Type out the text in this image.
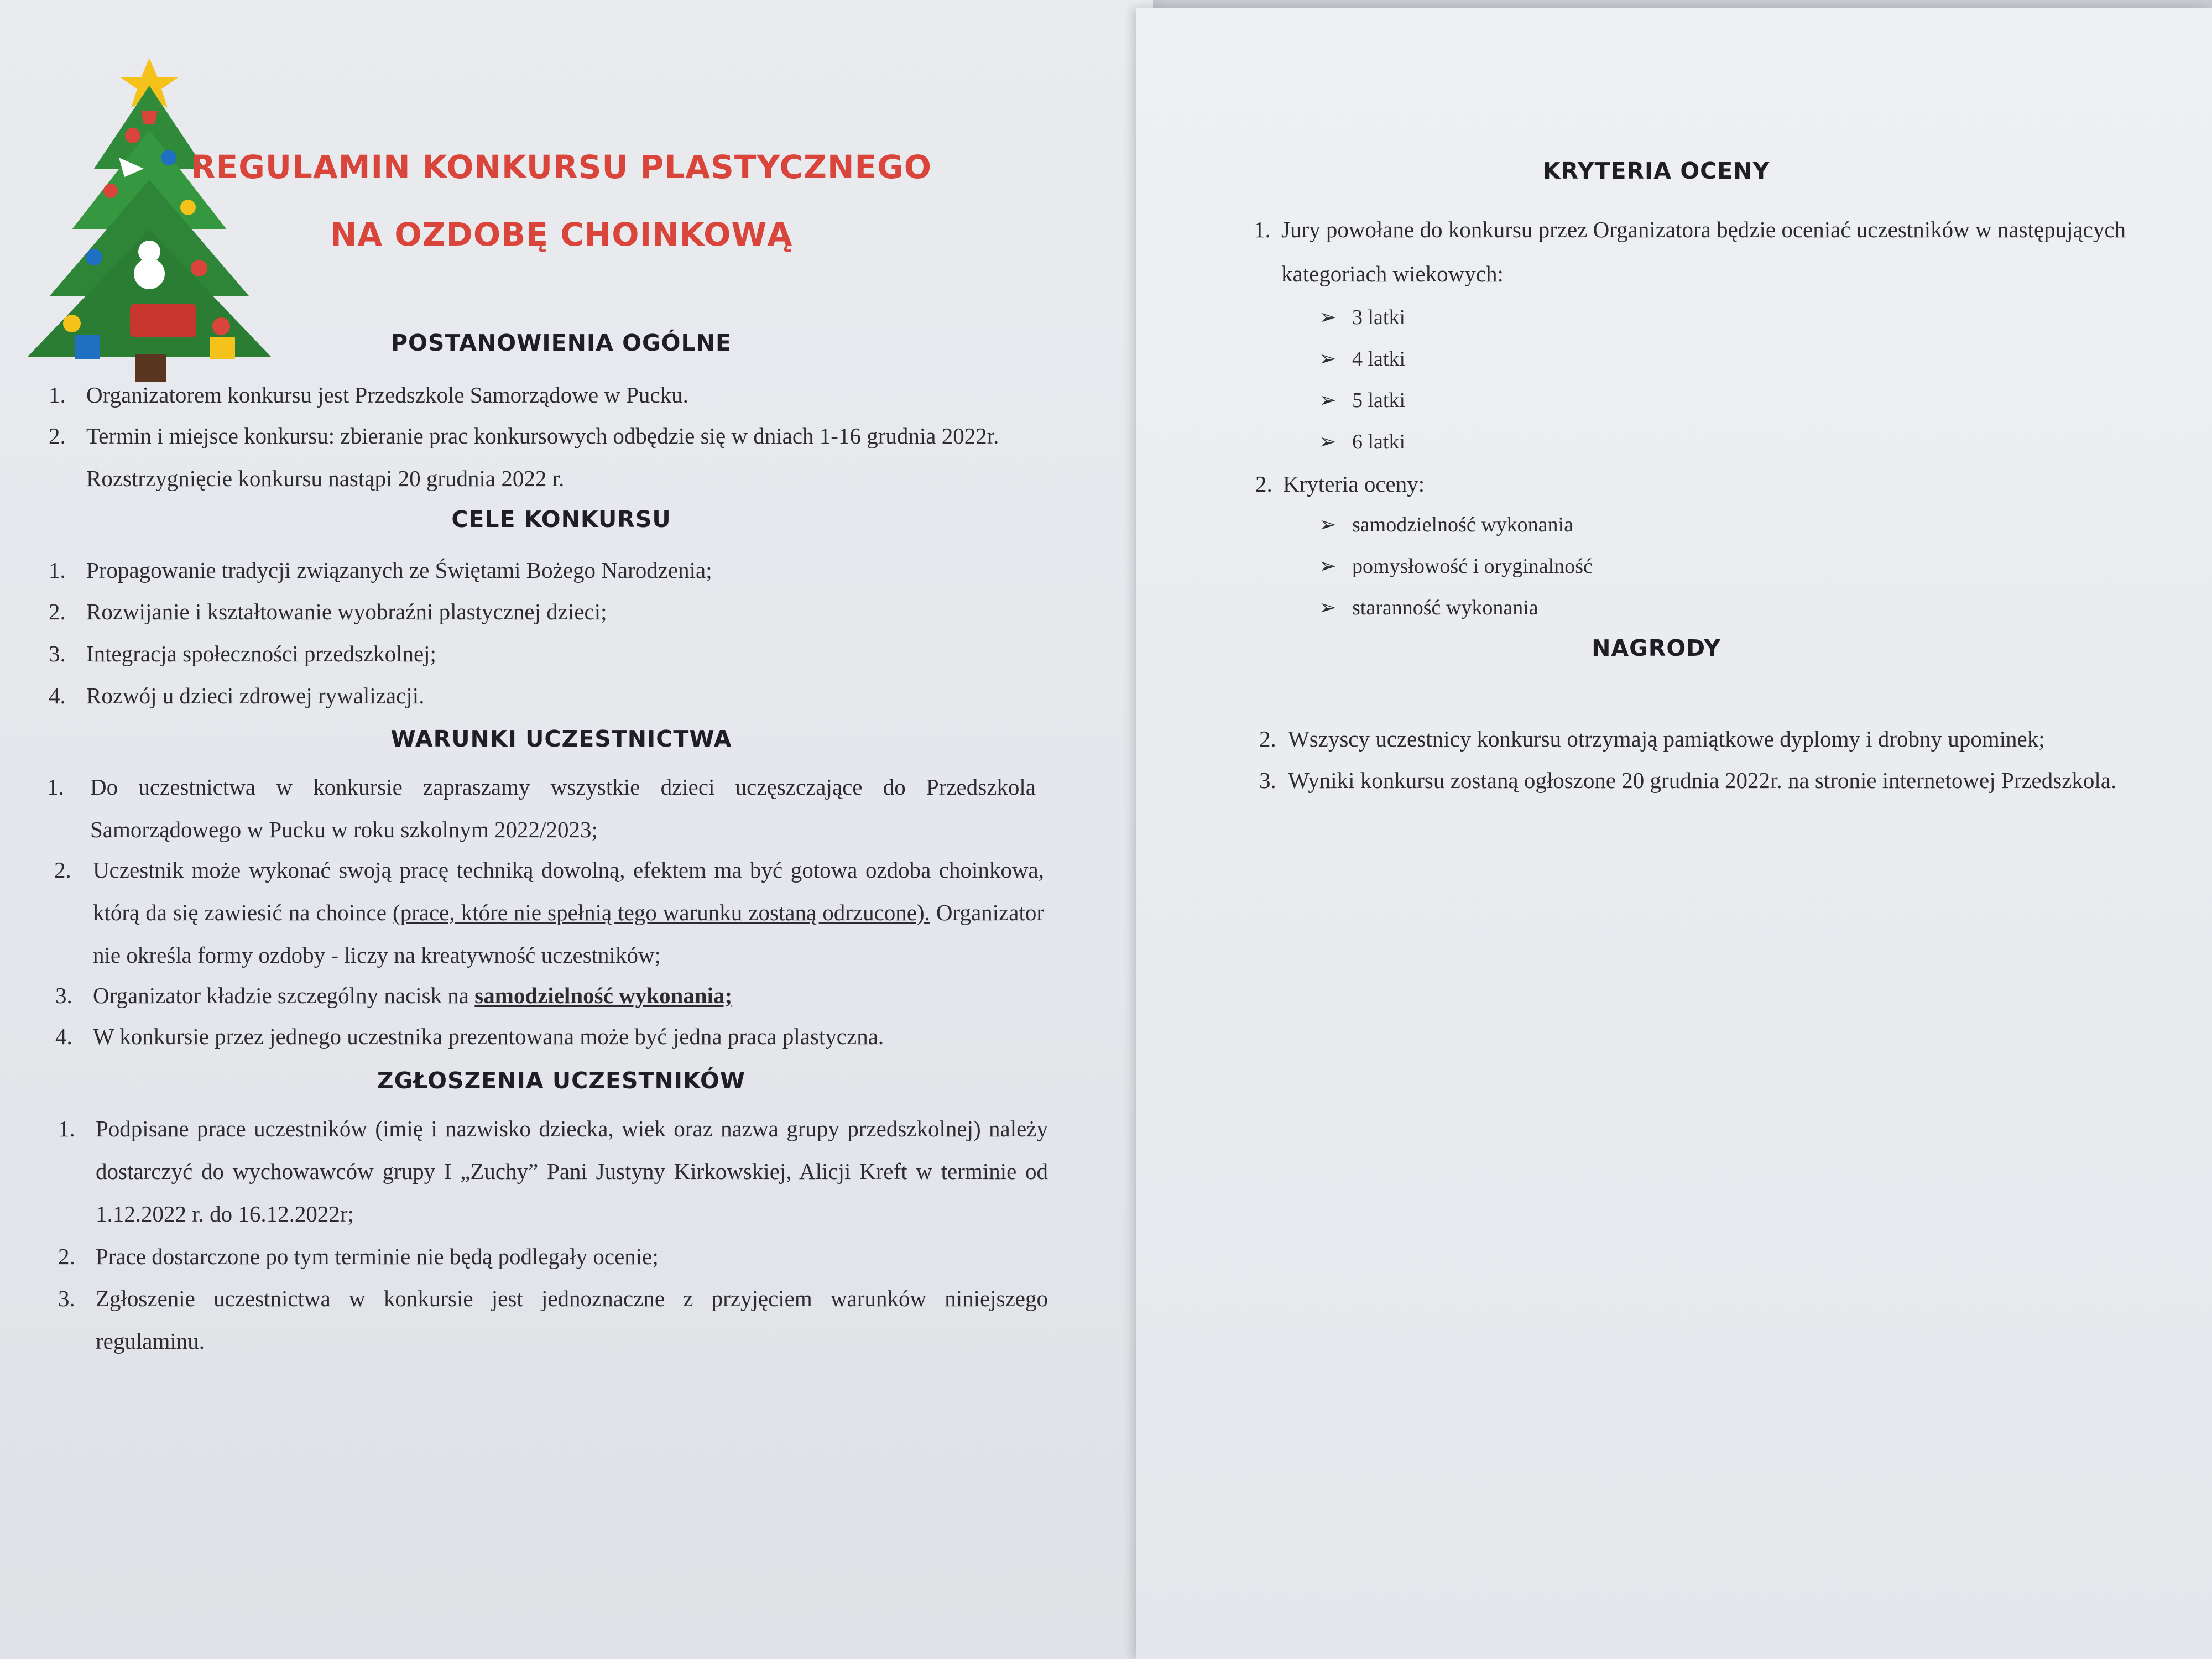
REGULAMIN KONKURSU PLASTYCZNEGO
NA OZDOBĘ CHOINKOWĄ
POSTANOWIENIA OGÓLNE
1. Organizatorem konkursu jest Przedszkole Samorządowe w Pucku.
2. Termin i miejsce konkursu: zbieranie prac konkursowych odbędzie się w dniach 1-16 grudnia 2022r. Rozstrzygnięcie konkursu nastąpi 20 grudnia 2022 r.
CELE KONKURSU
1. Propagowanie tradycji związanych ze Świętami Bożego Narodzenia;
2. Rozwijanie i kształtowanie wyobraźni plastycznej dzieci;
3. Integracja społeczności przedszkolnej;
4. Rozwój u dzieci zdrowej rywalizacji.
WARUNKI UCZESTNICTWA
1. Do uczestnictwa w konkursie zapraszamy wszystkie dzieci uczęszczające do Przedszkola Samorządowego w Pucku w roku szkolnym 2022/2023;
2. Uczestnik może wykonać swoją pracę techniką dowolną, efektem ma być gotowa ozdoba choinkowa, którą da się zawiesić na choince (prace, które nie spełnią tego warunku zostaną odrzucone). Organizator nie określa formy ozdoby - liczy na kreatywność uczestników;
3. Organizator kładzie szczególny nacisk na samodzielność wykonania;
4. W konkursie przez jednego uczestnika prezentowana może być jedna praca plastyczna.
ZGŁOSZENIA UCZESTNIKÓW
1. Podpisane prace uczestników (imię i nazwisko dziecka, wiek oraz nazwa grupy przedszkolnej) należy dostarczyć do wychowawców grupy I „Zuchy” Pani Justyny Kirkowskiej, Alicji Kreft w terminie od 1.12.2022 r. do 16.12.2022r;
2. Prace dostarczone po tym terminie nie będą podlegały ocenie;
3. Zgłoszenie uczestnictwa w konkursie jest jednoznaczne z przyjęciem warunków niniejszego regulaminu.
KRYTERIA OCENY
1. Jury powołane do konkursu przez Organizatora będzie oceniać uczestników w następujących kategoriach wiekowych:
➢ 3 latki
➢ 4 latki
➢ 5 latki
➢ 6 latki
2. Kryteria oceny:
➢ samodzielność wykonania
➢ pomysłowość i oryginalność
➢ staranność wykonania
NAGRODY
2. Wszyscy uczestnicy konkursu otrzymają pamiątkowe dyplomy i drobny upominek;
3. Wyniki konkursu zostaną ogłoszone 20 grudnia 2022r. na stronie internetowej Przedszkola.
